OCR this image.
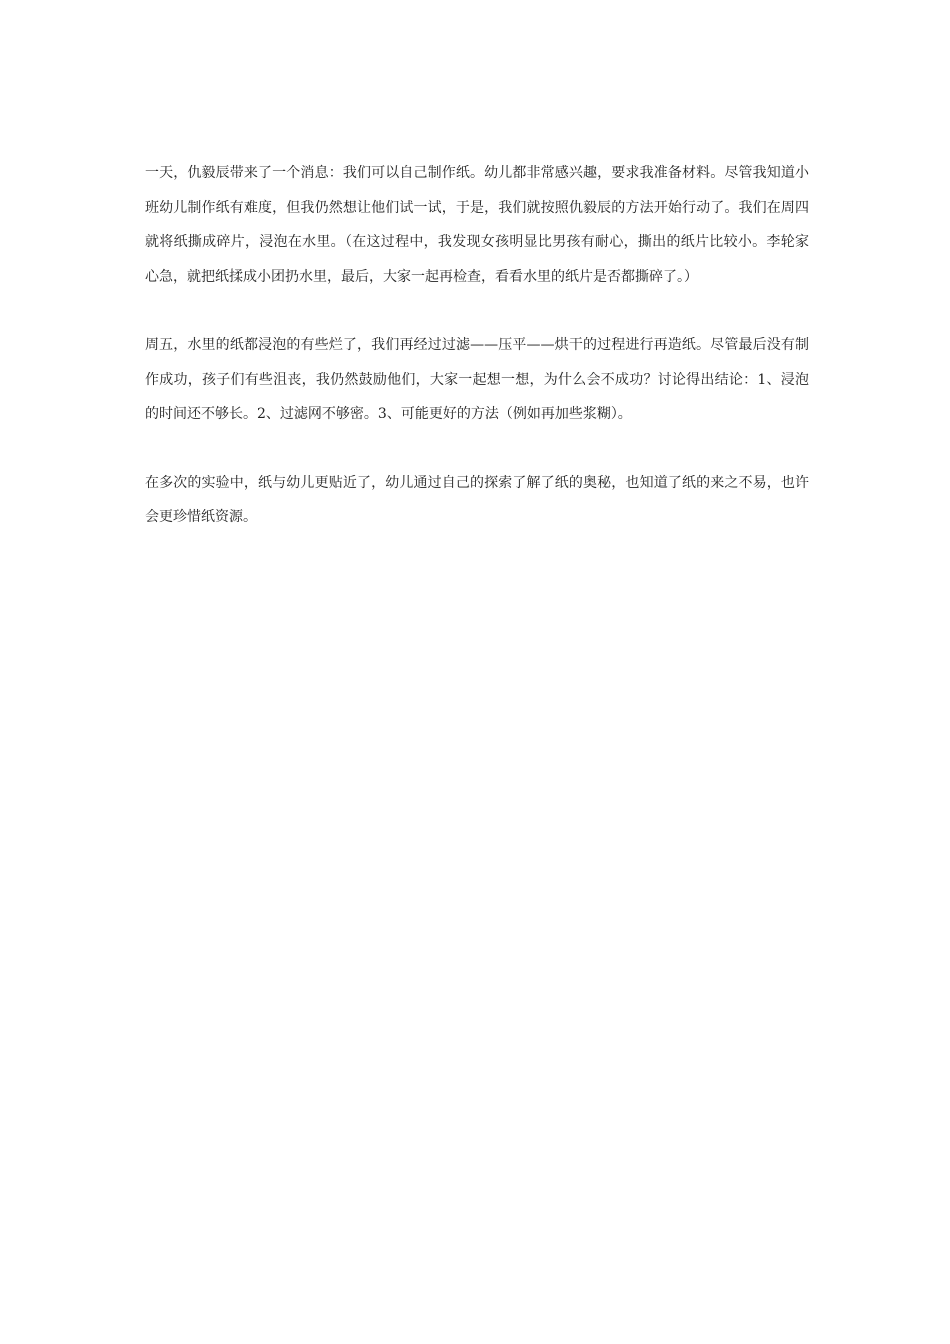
一天，仇毅辰带来了一个消息：我们可以自己制作纸。幼儿都非常感兴趣，要求我准备材料。尽管我知道小班幼儿制作纸有难度，但我仍然想让他们试一试，于是，我们就按照仇毅辰的方法开始行动了。我们在周四就将纸撕成碎片，浸泡在水里。（在这过程中，我发现女孩明显比男孩有耐心，撕出的纸片比较小。李轮家心急，就把纸揉成小团扔水里，最后，大家一起再检查，看看水里的纸片是否都撕碎了。）

周五，水里的纸都浸泡的有些烂了，我们再经过过滤——压平——烘干的过程进行再造纸。尽管最后没有制作成功，孩子们有些沮丧，我仍然鼓励他们，大家一起想一想，为什么会不成功？讨论得出结论：1、浸泡的时间还不够长。2、过滤网不够密。3、可能更好的方法（例如再加些浆糊）。

在多次的实验中，纸与幼儿更贴近了，幼儿通过自己的探索了解了纸的奥秘，也知道了纸的来之不易，也许会更珍惜纸资源。
